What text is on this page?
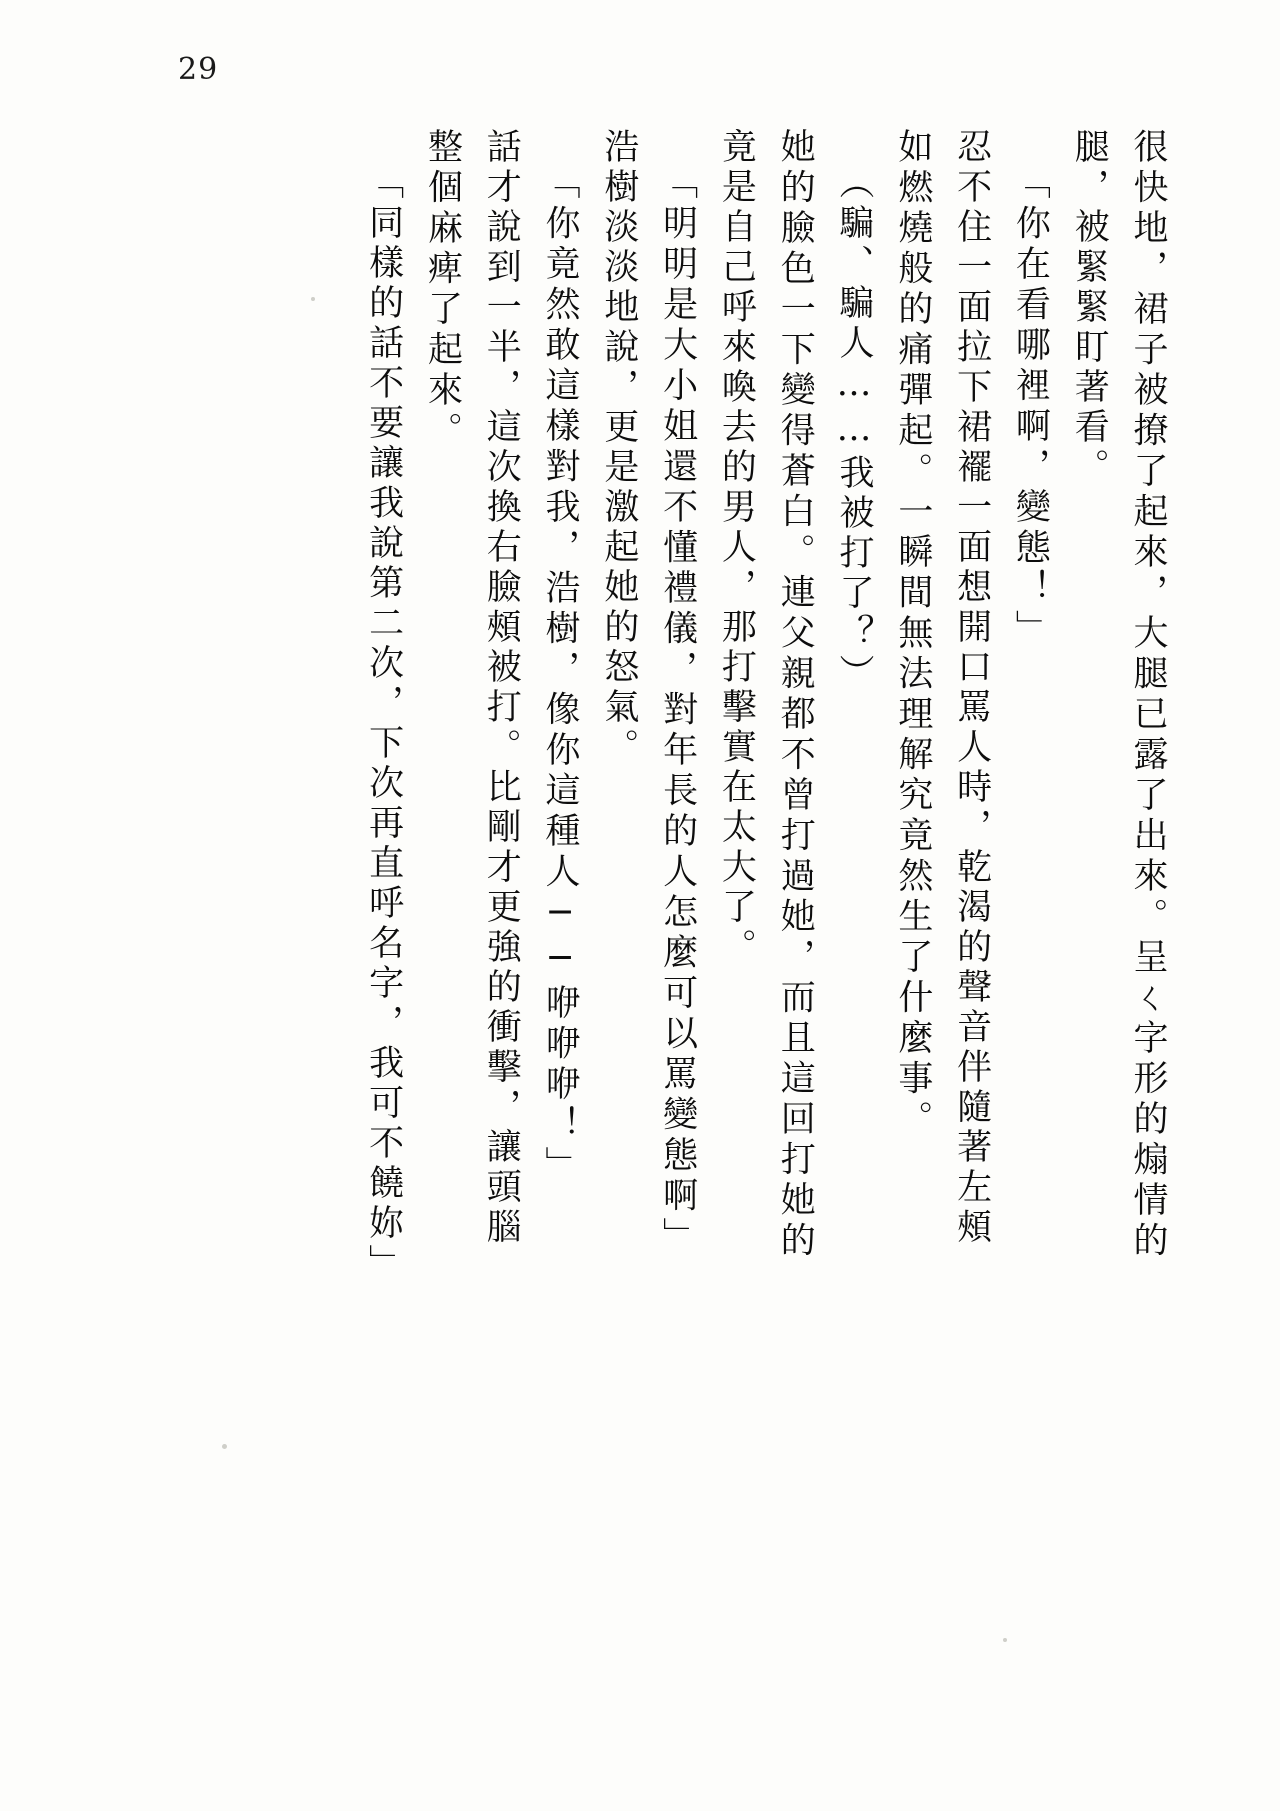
29
很快地，裙子被撩了起來，大腿已露了出來。呈ㄑ字形的煽情的
腿，被緊緊盯著看。
「你在看哪裡啊，變態！」
忍不住一面拉下裙襬一面想開口罵人時，乾渴的聲音伴隨著左頰
如燃燒般的痛彈起。一瞬間無法理解究竟然生了什麼事。
（騙、騙人……我被打了？）
她的臉色一下變得蒼白。連父親都不曾打過她，而且這回打她的
竟是自己呼來喚去的男人，那打擊實在太大了。
「明明是大小姐還不懂禮儀，對年長的人怎麼可以罵變態啊」
浩樹淡淡地說，更是激起她的怒氣。
「你竟然敢這樣對我，浩樹，像你這種人──咿咿咿！」
話才說到一半，這次換右臉頰被打。比剛才更強的衝擊，讓頭腦
整個麻痺了起來。
「同樣的話不要讓我說第二次，下次再直呼名字，我可不饒妳」
